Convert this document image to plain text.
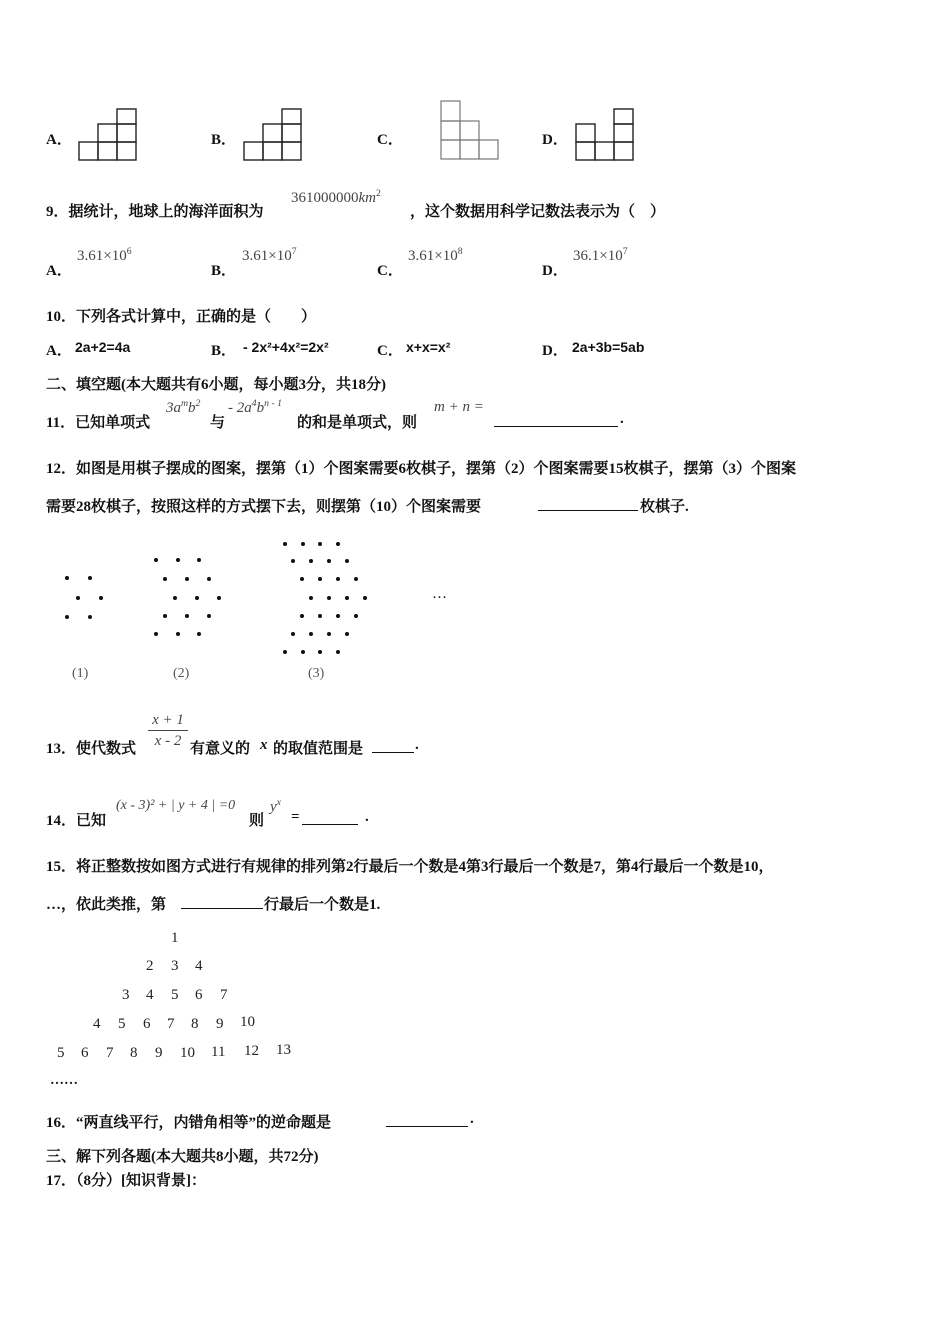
A．	B．	C．	D．
9．据统计，地球上的海洋面积为
$361000000km^2$
，这个数据用科学记数法表示为（　）
A．
$3.61\times 10^6$
B．
$3.61\times 10^7$
C．
$3.61\times 10^8$
D．
$36.1\times 10^7$
10．下列各式计算中，正确的是（　　）
A． 2a+2=4a	B． - 2x²+4x²=2x²	C． x+x=x²	D． 2a+3b=5ab
二、填空题(本大题共有6小题，每小题3分，共18分)
11．已知单项式
$3a^mb^2$
与
- $2a^4b^{n - 1}$
的和是单项式，则
m + n =
.
12．如图是用棋子摆成的图案，摆第（1）个图案需要6枚棋子，摆第（2）个图案需要15枚棋子，摆第（3）个图案
需要28枚棋子，按照这样的方式摆下去，则摆第（10）个图案需要	枚棋子.
(1)	(2)	(3)
…
13．使代数式
x + 1
x - 2 有意义的 x 的取值范围是	.
14．已知
(x - 3)² + | y + 4 | =0
则
$y^x$
=	.
15．将正整数按如图方式进行有规律的排列第2行最后一个数是4第3行最后一个数是7，第4行最后一个数是10，
…，依此类推，第	行最后一个数是1.
1
2 3 4
3 4 5 6 7
4 5 6 7 8 9 10
5 6 7 8 9 10 11 12 13
……
16．“两直线平行，内错角相等”的逆命题是	.
三、解下列各题(本大题共8小题，共72分)
17．（8分）[知识背景]：
